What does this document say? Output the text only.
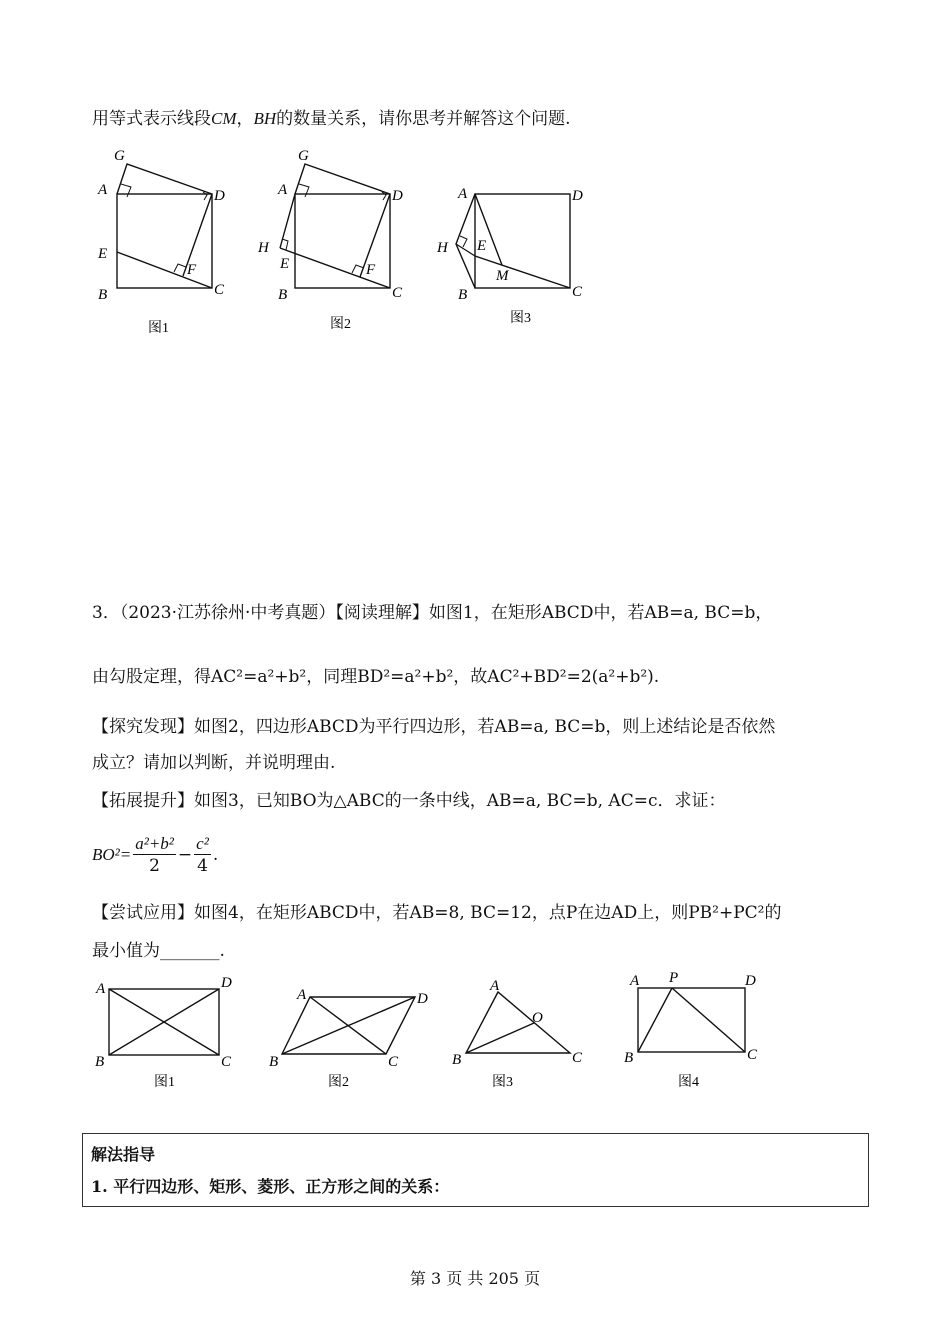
用等式表示线段CM，BH的数量关系，请你思考并解答这个问题.
G
A	D
E
F
B	C
图1
G
A	D
H
E	F
B	C
图2
A	D
H E
M
B	C
图3
3．（2023·江苏徐州·中考真题）【阅读理解】如图1，在矩形ABCD中，若AB=a, BC=b，
由勾股定理，得AC²=a²+b²，同理BD²=a²+b²，故AC²+BD²=2(a²+b²).
【探究发现】如图2，四边形ABCD为平行四边形，若AB=a, BC=b，则上述结论是否依然
成立？请加以判断，并说明理由.
【拓展提升】如图3，已知BO为△ABC的一条中线，AB=a, BC=b, AC=c．求证：
$BO^2= \frac{\text{a²+b²}}{2} - \frac{\text{c²}}{4}$ .
【尝试应用】如图4，在矩形ABCD中，若AB=8, BC=12，点P在边AD上，则PB²+PC²的
最小值为_______.
A	D
B	C
图1
A	D
B	C
图2
A
O
B	C
图3
A P	D
B	C
图4
解法指导
1. 平行四边形、矩形、菱形、正方形之间的关系：
第 3 页 共 205 页
